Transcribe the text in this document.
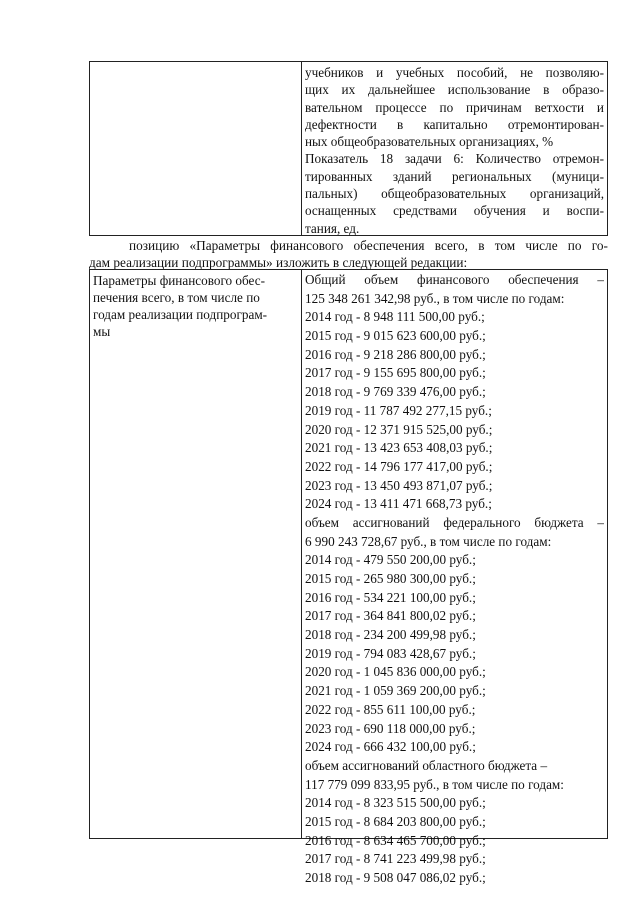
учебников и учебных пособий, не позволяю-
щих их дальнейшее использование в образо-
вательном процессе по причинам ветхости и
дефектности в капитально отремонтирован-
ных общеобразовательных организациях, %
Показатель 18 задачи 6: Количество отремон-
тированных зданий региональных (муници-
пальных) общеобразовательных организаций,
оснащенных средствами обучения и воспи-
тания, ед.
позицию «Параметры финансового обеспечения всего, в том числе по го-
дам реализации подпрограммы» изложить в следующей редакции:
Параметры финансового обес-
печения всего, в том числе по
годам реализации подпрограм-
мы
Общий объем финансового обеспечения –
125 348 261 342,98 руб., в том числе по годам:
2014 год - 8 948 111 500,00 руб.;
2015 год - 9 015 623 600,00 руб.;
2016 год - 9 218 286 800,00 руб.;
2017 год - 9 155 695 800,00 руб.;
2018 год - 9 769 339 476,00 руб.;
2019 год - 11 787 492 277,15 руб.;
2020 год - 12 371 915 525,00 руб.;
2021 год - 13 423 653 408,03 руб.;
2022 год - 14 796 177 417,00 руб.;
2023 год - 13 450 493 871,07 руб.;
2024 год - 13 411 471 668,73 руб.;
объем ассигнований федерального бюджета –
6 990 243 728,67 руб., в том числе по годам:
2014 год - 479 550 200,00 руб.;
2015 год - 265 980 300,00 руб.;
2016 год - 534 221 100,00 руб.;
2017 год - 364 841 800,02 руб.;
2018 год - 234 200 499,98 руб.;
2019 год - 794 083 428,67 руб.;
2020 год - 1 045 836 000,00 руб.;
2021 год - 1 059 369 200,00 руб.;
2022 год - 855 611 100,00 руб.;
2023 год - 690 118 000,00 руб.;
2024 год - 666 432 100,00 руб.;
объем ассигнований областного бюджета –
117 779 099 833,95 руб., в том числе по годам:
2014 год - 8 323 515 500,00 руб.;
2015 год - 8 684 203 800,00 руб.;
2016 год - 8 634 465 700,00 руб.;
2017 год - 8 741 223 499,98 руб.;
2018 год - 9 508 047 086,02 руб.;
